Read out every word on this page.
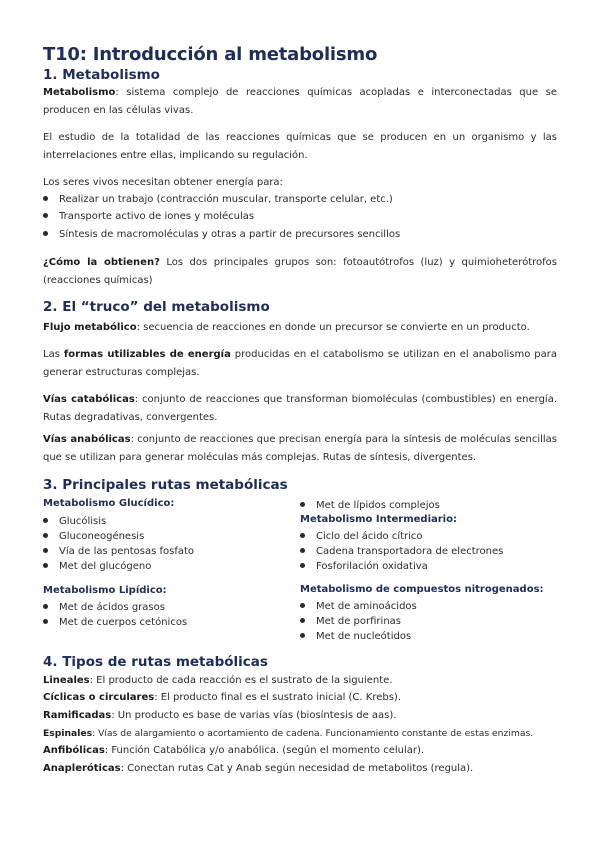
T10: Introducción al metabolismo
1. Metabolismo
Metabolismo: sistema complejo de reacciones químicas acopladas e interconectadas que se producen en las células vivas.
El estudio de la totalidad de las reacciones químicas que se producen en un organismo y las interrelaciones entre ellas, implicando su regulación.
Los seres vivos necesitan obtener energía para:
Realizar un trabajo (contracción muscular, transporte celular, etc.)
Transporte activo de iones y moléculas
Síntesis de macromoléculas y otras a partir de precursores sencillos
¿Cómo la obtienen? Los dos principales grupos son: fotoautótrofos (luz) y quimioheterótrofos (reacciones químicas)
2. El “truco” del metabolismo
Flujo metabólico: secuencia de reacciones en donde un precursor se convierte en un producto.
Las formas utilizables de energía producidas en el catabolismo se utilizan en el anabolismo para generar estructuras complejas.
Vías catabólicas: conjunto de reacciones que transforman biomoléculas (combustibles) en energía. Rutas degradativas, convergentes.
Vías anabólicas: conjunto de reacciones que precisan energía para la síntesis de moléculas sencillas que se utilizan para generar moléculas más complejas. Rutas de síntesis, divergentes.
3. Principales rutas metabólicas
Metabolismo Glucídico:
Glucólisis
Gluconeogénesis
Vía de las pentosas fosfato
Met del glucógeno
Metabolismo Lipídico:
Met de ácidos grasos
Met de cuerpos cetónicos
Met de lípidos complejos
Metabolismo Intermediario:
Ciclo del ácido cítrico
Cadena transportadora de electrones
Fosforilación oxidativa
Metabolismo de compuestos nitrogenados:
Met de aminoácidos
Met de porfirinas
Met de nucleótidos
4. Tipos de rutas metabólicas
Lineales: El producto de cada reacción es el sustrato de la siguiente.
Cíclicas o circulares: El producto final es el sustrato inicial (C. Krebs).
Ramificadas: Un producto es base de varias vías (biosíntesis de aas).
Espinales: Vías de alargamiento o acortamiento de cadena. Funcionamiento constante de estas enzimas.
Anfibólicas: Función Catabólica y/o anabólica. (según el momento celular).
Anapleróticas: Conectan rutas Cat y Anab según necesidad de metabolitos (regula).
